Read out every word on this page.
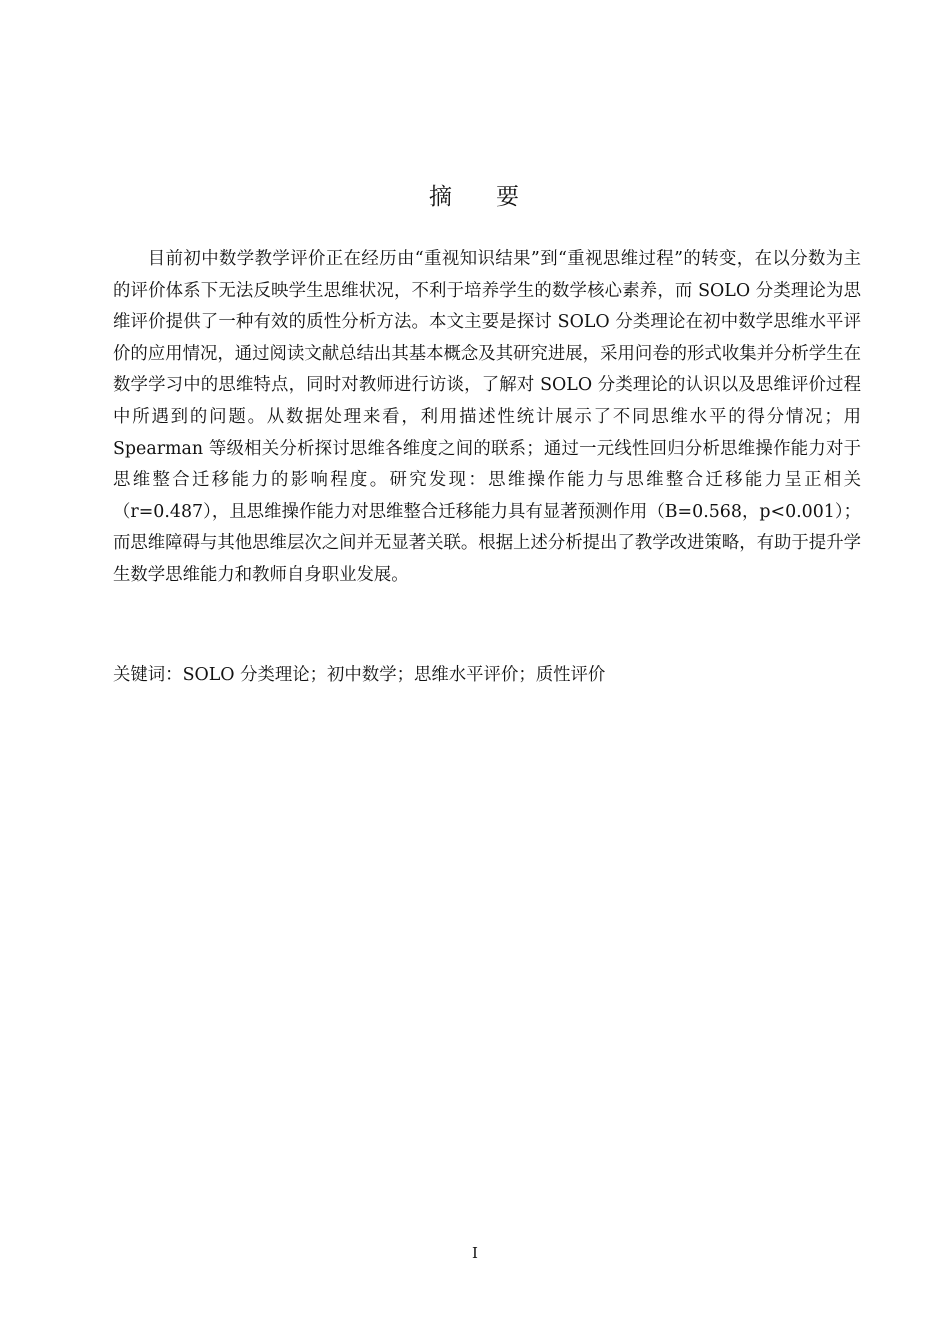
摘 要

目前初中数学教学评价正在经历由“重视知识结果”到“重视思维过程”的转变，在以分数为主的评价体系下无法反映学生思维状况，不利于培养学生的数学核心素养，而 SOLO 分类理论为思维评价提供了一种有效的质性分析方法。本文主要是探讨 SOLO 分类理论在初中数学思维水平评价的应用情况，通过阅读文献总结出其基本概念及其研究进展，采用问卷的形式收集并分析学生在数学学习中的思维特点，同时对教师进行访谈，了解对 SOLO 分类理论的认识以及思维评价过程中所遇到的问题。从数据处理来看，利用描述性统计展示了不同思维水平的得分情况；用 Spearman 等级相关分析探讨思维各维度之间的联系；通过一元线性回归分析思维操作能力对于思维整合迁移能力的影响程度。研究发现：思维操作能力与思维整合迁移能力呈正相关（r=0.487），且思维操作能力对思维整合迁移能力具有显著预测作用（B=0.568，p<0.001）；而思维障碍与其他思维层次之间并无显著关联。根据上述分析提出了教学改进策略，有助于提升学生数学思维能力和教师自身职业发展。

关键词：SOLO 分类理论；初中数学；思维水平评价；质性评价

I
